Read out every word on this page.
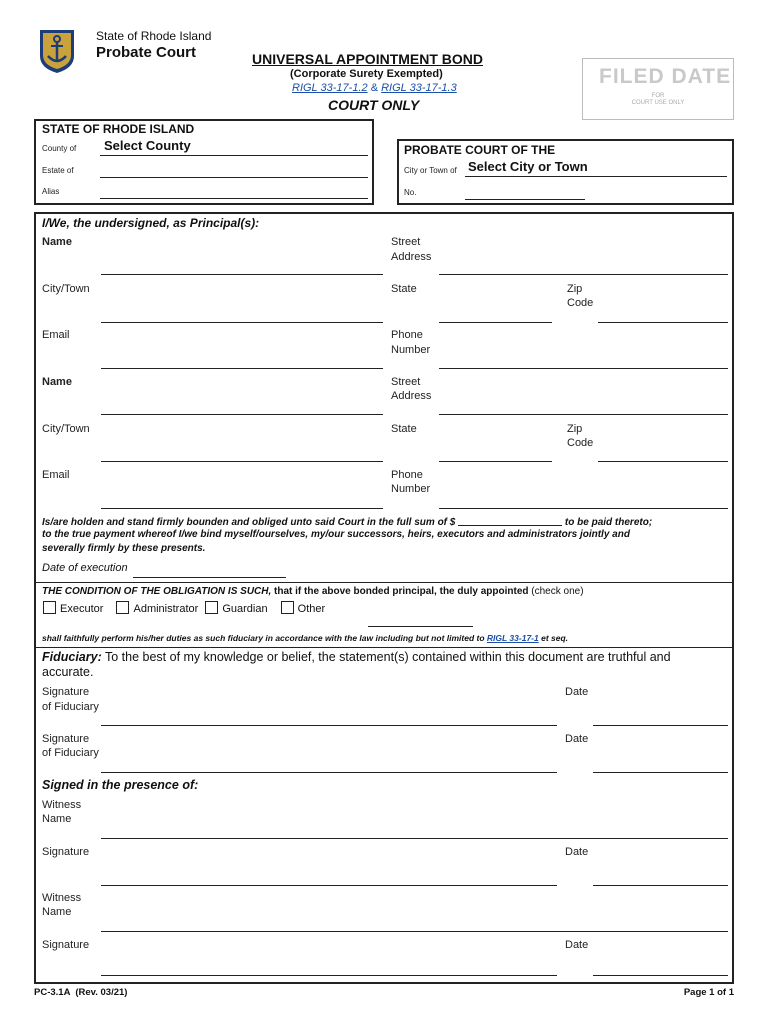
State of Rhode Island
Probate Court	UNIVERSAL APPOINTMENT BOND
(Corporate Surety Exempted)
RIGL 33-17-1.2 & RIGL 33-17-1.3
COURT ONLY
FILED DATE
FOR
COURT USE ONLY
STATE OF RHODE ISLAND
County of Select County
Estate of
Alias
PROBATE COURT OF THE
City or Town of Select City or Town
No.
I/We, the undersigned, as Principal(s):
Name	Street
Address
City/Town	State	Zip
Code
Email	Phone
Number
Name	Street
Address
City/Town	State	Zip
Code
Email	Phone
Number
Is/are holden and stand firmly bounden and obliged unto said Court in the full sum of $	to be paid thereto;
to the true payment whereof I/we bind myself/ourselves, my/our successors, heirs, executors and administrators jointly and
severally firmly by these presents.
Date of execution
THE CONDITION OF THE OBLIGATION IS SUCH, that if the above bonded principal, the duly appointed (check one)
Executor	Administrator Guardian	Other
shall faithfully perform his/her duties as such fiduciary in accordance with the law including but not limited to RIGL 33-17-1 et seq.
Fiduciary: To the best of my knowledge or belief, the statement(s) contained within this document are truthful and
accurate.
Signature
of Fiduciary
Date
Signature
of Fiduciary
Date
Signed in the presence of:
Witness
Name
Signature	Date
Witness
Name
Signature	Date
PC-3.1A  (Rev. 03/21)	Page 1 of 1
